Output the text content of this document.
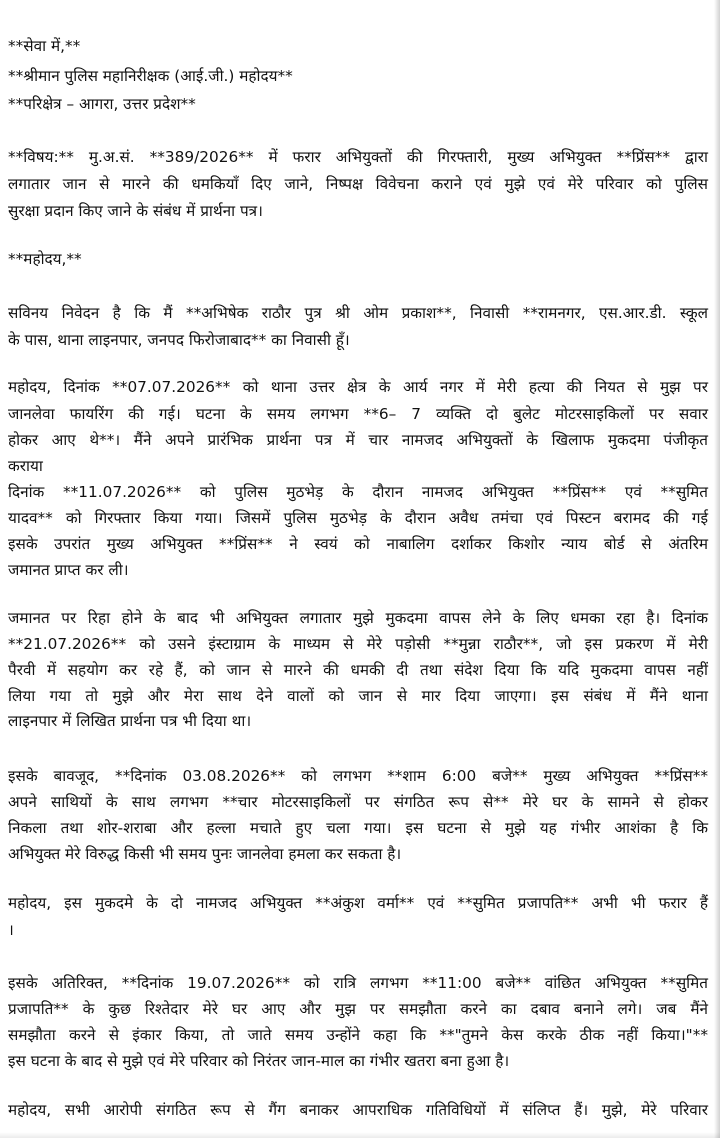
**सेवा में,**
**श्रीमान पुलिस महानिरीक्षक (आई.जी.) महोदय**
**परिक्षेत्र – आगरा, उत्तर प्रदेश**
**विषय:** मु.अ.सं. **389/2026** में फरार अभियुक्तों की गिरफ्तारी, मुख्य अभियुक्त **प्रिंस** द्वारा
लगातार जान से मारने की धमकियाँ दिए जाने, निष्पक्ष विवेचना कराने एवं मुझे एवं मेरे परिवार को पुलिस
सुरक्षा प्रदान किए जाने के संबंध में प्रार्थना पत्र।
**महोदय,**
सविनय निवेदन है कि मैं **अभिषेक राठौर पुत्र श्री ओम प्रकाश**, निवासी **रामनगर, एस.आर.डी. स्कूल
के पास, थाना लाइनपार, जनपद फिरोजाबाद** का निवासी हूँ।
महोदय, दिनांक **07.07.2026** को थाना उत्तर क्षेत्र के आर्य नगर में मेरी हत्या की नियत से मुझ पर
जानलेवा फायरिंग की गई। घटना के समय लगभग **6– 7 व्यक्ति दो बुलेट मोटरसाइकिलों पर सवार
होकर आए थे**। मैंने अपने प्रारंभिक प्रार्थना पत्र में चार नामजद अभियुक्तों के खिलाफ मुकदमा पंजीकृत
कराया
दिनांक **11.07.2026** को पुलिस मुठभेड़ के दौरान नामजद अभियुक्त **प्रिंस** एवं **सुमित
यादव** को गिरफ्तार किया गया। जिसमें पुलिस मुठभेड़ के दौरान अवैध तमंचा एवं पिस्टन बरामद की गई
इसके उपरांत मुख्य अभियुक्त **प्रिंस** ने स्वयं को नाबालिग दर्शाकर किशोर न्याय बोर्ड से अंतरिम
जमानत प्राप्त कर ली।
जमानत पर रिहा होने के बाद भी अभियुक्त लगातार मुझे मुकदमा वापस लेने के लिए धमका रहा है। दिनांक
**21.07.2026** को उसने इंस्टाग्राम के माध्यम से मेरे पड़ोसी **मुन्ना राठौर**, जो इस प्रकरण में मेरी
पैरवी में सहयोग कर रहे हैं, को जान से मारने की धमकी दी तथा संदेश दिया कि यदि मुकदमा वापस नहीं
लिया गया तो मुझे और मेरा साथ देने वालों को जान से मार दिया जाएगा। इस संबंध में मैंने थाना
लाइनपार में लिखित प्रार्थना पत्र भी दिया था।
इसके बावजूद, **दिनांक 03.08.2026** को लगभग **शाम 6:00 बजे** मुख्य अभियुक्त **प्रिंस**
अपने साथियों के साथ लगभग **चार मोटरसाइकिलों पर संगठित रूप से** मेरे घर के सामने से होकर
निकला तथा शोर-शराबा और हल्ला मचाते हुए चला गया। इस घटना से मुझे यह गंभीर आशंका है कि
अभियुक्त मेरे विरुद्ध किसी भी समय पुनः जानलेवा हमला कर सकता है।
महोदय, इस मुकदमे के दो नामजद अभियुक्त **अंकुश वर्मा** एवं **सुमित प्रजापति** अभी भी फरार हैं
।
इसके अतिरिक्त, **दिनांक 19.07.2026** को रात्रि लगभग **11:00 बजे** वांछित अभियुक्त **सुमित
प्रजापति** के कुछ रिश्तेदार मेरे घर आए और मुझ पर समझौता करने का दबाव बनाने लगे। जब मैंने
समझौता करने से इंकार किया, तो जाते समय उन्होंने कहा कि **"तुमने केस करके ठीक नहीं किया।"**
इस घटना के बाद से मुझे एवं मेरे परिवार को निरंतर जान-माल का गंभीर खतरा बना हुआ है।
महोदय, सभी आरोपी संगठित रूप से गैंग बनाकर आपराधिक गतिविधियों में संलिप्त हैं। मुझे, मेरे परिवार
